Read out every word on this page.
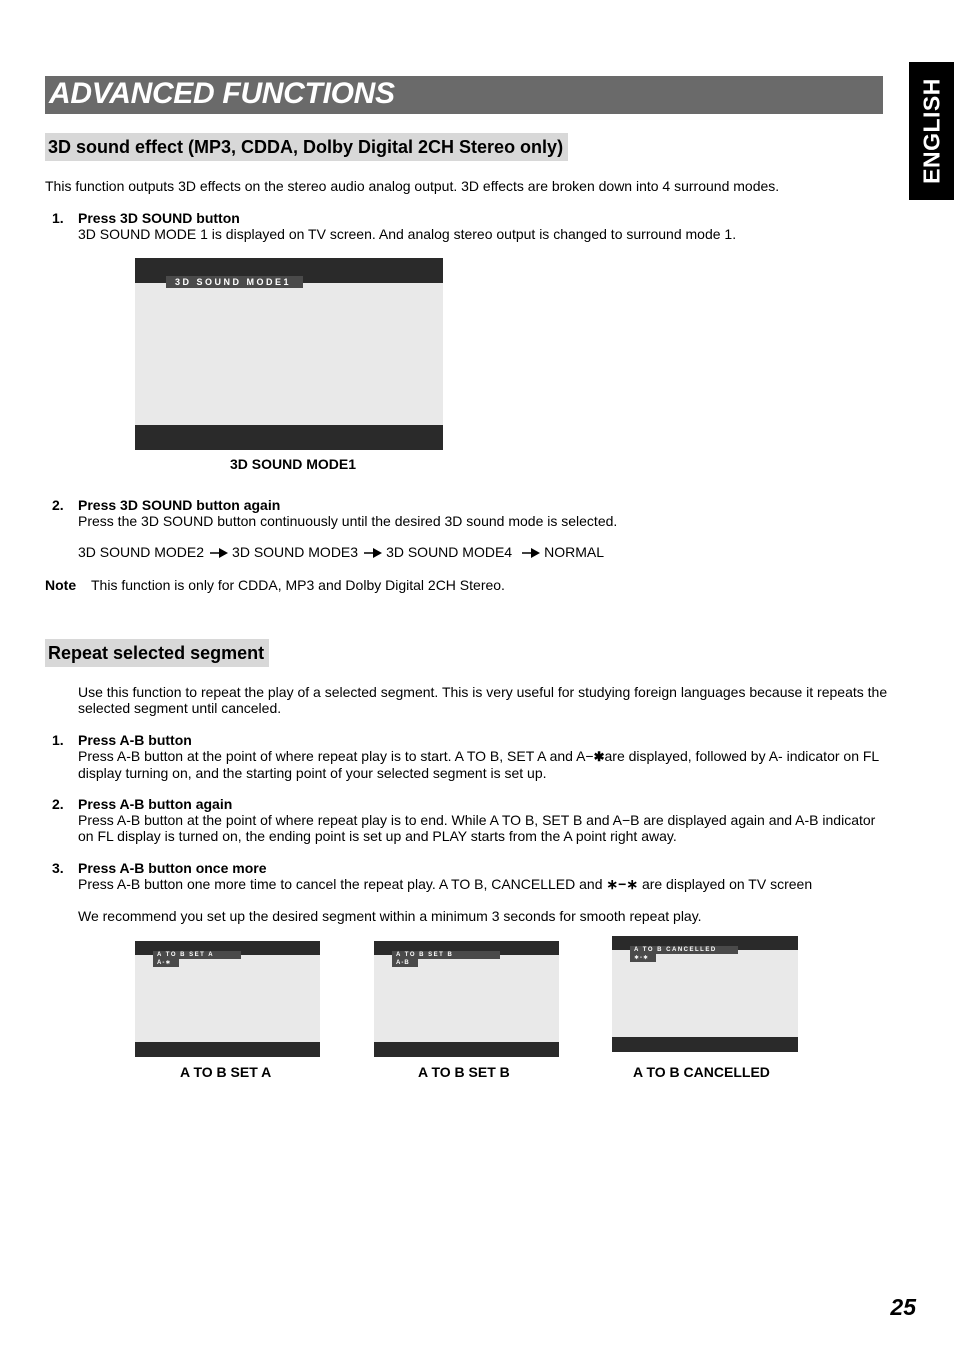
ADVANCED FUNCTIONS	ENGLISH
3D sound effect (MP3, CDDA, Dolby Digital 2CH Stereo only)
This function outputs 3D effects on the stereo audio analog output. 3D effects are broken down into 4 surround modes.
1. Press 3D SOUND button
3D SOUND MODE 1 is displayed on TV screen. And analog stereo output is changed to surround mode 1.
3D SOUND MODE1
3D SOUND MODE1
2. Press 3D SOUND button again
Press the 3D SOUND button continuously until the desired 3D sound mode is selected.
3D SOUND MODE2 3D SOUND MODE3 3D SOUND MODE4 NORMAL
Note This function is only for CDDA, MP3 and Dolby Digital 2CH Stereo.
Repeat selected segment
Use this function to repeat the play of a selected segment. This is very useful for studying foreign languages because it repeats the selected segment until canceled.
1. Press A-B button
Press A-B button at the point of where repeat play is to start. A TO B, SET A and A−✱are displayed, followed by A- indicator on FL display turning on, and the starting point of your selected segment is set up.
2. Press A-B button again
Press A-B button at the point of where repeat play is to end. While A TO B, SET B and A−B are displayed again and A-B indicator on FL display is turned on, the ending point is set up and PLAY starts from the A point right away.
3. Press A-B button once more
Press A-B button one more time to cancel the repeat play. A TO B, CANCELLED and ∗−∗ are displayed on TV screen
We recommend you set up the desired segment within a minimum 3 seconds for smooth repeat play.
A TO B SET A
A-∗
A TO B SET B
A-B
A TO B CANCELLED
∗-∗
A TO B SET A	A TO B SET B	A TO B CANCELLED
25
